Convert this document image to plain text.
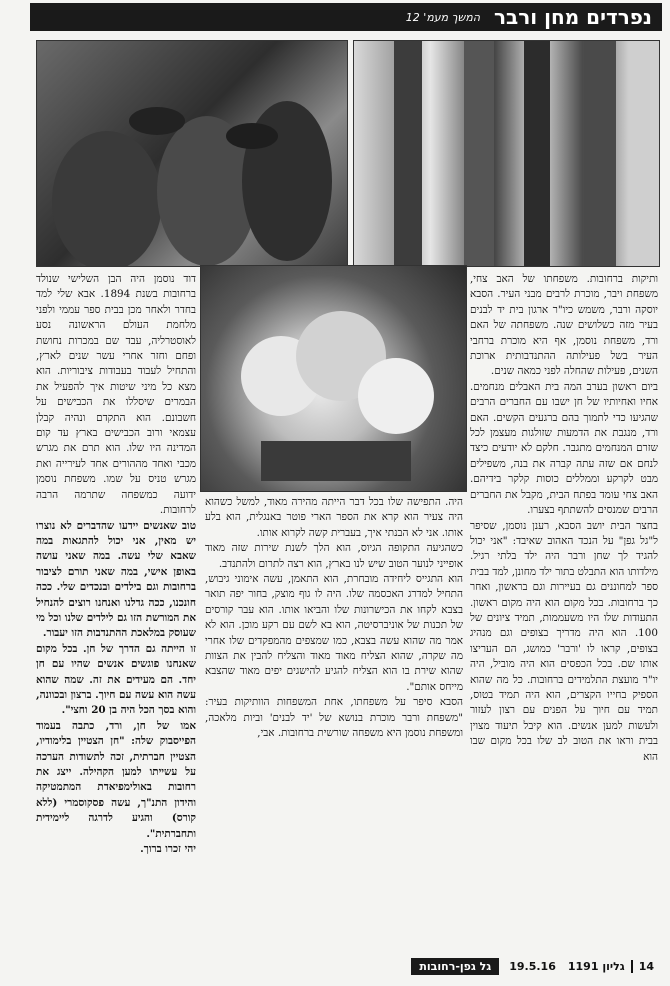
נפרדים מחן ורבר
המשך מעמ' 12

ותיקות ברחובות. משפחתו של האב צחי, משפחת ויבר, מוכרת לרבים מבני העיר. הסבא יוסקה ורבר, משמש כיו"ר ארגון בית יד לבנים בעיר מזה כשלושים שנה. משפחתה של האם ורד, משפחת נוסמן, אף היא מוכרת ברחבי העיר בשל פעילותה ההתנדבותית ארוכת השנים, פעילות שהחלה לפני כמאה שנים.

ביום ראשון בערב המה בית האבלים מנחמים. אחיו ואחיותיו של חן ישבו עם החברים הרבים שהגיעו כדי לתמוך בהם ברגעים הקשים. האם ורד, מנגבת את הדמעות שזולגות מעצמן לכל שזרם המנחמים מתגבר. חלקם לא יודעים כיצד לנחם אם שזה עתה קברה את בנה, משפילים מבט לקרקע וממללים כוסות קלקר בידיהם. האב צחי עומד בפתח הבית, מקבל את החברים הרבים שמנסים להשתתף בצערו.

בחצר הבית יושב הסבא, רענן נוסמן, שסיפר ל"גל גפן" על הנכד האהוב שאיבד: "אני יכול להגיד לך שחן ורבר היה ילד בלתי רגיל. מילדותו הוא התבלט בתור ילד מחונן, למד בבית ספר למחוננים גם בעיירות וגם בראשון, ואחר כך ברחובות. בכל מקום הוא היה מקום ראשון. התעודות שלו היו משעממות, תמיד ציונים של 100. הוא היה מדריך בצופים וגם מנהיג בצופים, קראו לו 'ורבר' כמושג, הם העריצו אותו שם. בכל הכפסים הוא היה מוביל, היה יו"ר מועצת התלמידים ברחובות. כל מה שהוא הספיק בחייו הקצרים, הוא היה תמיד בטוס, תמיד עם חיוך על הפנים עם רצון לעזור ולעשות למען אנשים. הוא קיבל תיעוד מצוין בבית וראו את הטוב לב שלו בכל מקום שבו הוא

היה. התפישה שלו בכל דבר הייתה מהירה מאוד, למשל כשהוא היה צעיר הוא קרא את הספר הארי פוטר באנגלית, הוא בלע אותו. אני לא הבנתי איך, בעברית קשה לקרוא אותו.

כשהגיעה התקופה הגיוס, הוא הלך לשנת שירות שזה מאוד אופייני לנוער הטוב שיש לנו בארץ, הוא רצה לתרום ולהתנדב.

הוא התגייס ליחידה מובחרת, הוא התאמן, עשה אימוני גיבוש, התחיל למדרג האכסמה שלו. היה לו גוף מוצק, בחור יפה תואר בצבא לקחו את הכישרונות שלו והביאו אותו. הוא עבר קורסים של תכנות של אוניברסיטה, הוא בא לשם עם רקע מוכן. הוא לא אמר מה שהוא עשה בצבא, כמו שמצפים מהמפקדים שלו אחרי מה שקרה, שהוא הצליח מאוד מאוד והצליח להבין את הצוות שהוא שירת בו הוא הצליח להגיע להישגים יפים מאוד שהצבא מייחס אותם".

הסבא סיפר על משפחתו, אחת המשפחות הוותיקות בעיר: "משפחת ורבר מוכרת בנושא של 'יד לבנים' וביות מלאכה, ומשפחת נוסמן היא משפחה שורשית ברחובות. אבי,

דוד נוסמן היה הבן השלישי שנולד ברחובות בשנת 1894. אבא שלי למד בחדר ולאחר מכן בבית ספר עממי ולפני מלחמת העולם הראשונה נסע לאוסטרליה, עבד שם במכרות נחושת ופחם וחזר אחרי עשר שנים לארץ, והתחיל לעבוד בעבודות ציבוריות. הוא מצא כל מיני שיטות איך להפעיל את הבמרים שיסללו את הכבישים על חשבונם. הוא התקדם ונהיה קבלן עצמאי ורוב הכבישים בארץ עד קום המדינה היו שלו. הוא תרם את מגרש מכבי ואחד מההורים אחד לעירייה ואת מגרש טניס על שמו. משפחת נוסמן ידועה כמשפחה שתרמה הרבה לרחובות.

טוב שאנשים יידעו שהדברים לא נוצרו יש מאין, אני יכול להתגאות במה שאבא שלי עשה. במה שאני עושה באופן אישי, במה שאני תורם לציבור ברחובות וגם בילדים ובנכדים שלי. ככה חונכנו, ככה גדלנו ואנחנו רוצים להנחיל את המורשת הזו גם לילדים שלנו וכל מי שעוסק במלאכת ההתנדבות הזו יעבור.

זו הייתה גם הדרך של חן. בכל מקום שאנחנו פוגשים אנשים שהיו עם חן יחד. הם מעידים את זה. שמה שהוא עשה הוא עשה עם חיוך. ברצון ובכוונה, והוא בסך הכל היה בן 20 וחצי".

אמו של חן, ורד, כתבה בעמוד הפייסבוק שלה: "חן הצטיין בלימודיו, הצטיין חברתית, זכה לתשודות הערכה על עשייתו למען הקהילה. ייצג את רחובות באולימפיאדת המתמטיקה והידון התנ"ך, עשה פסקוסמרי (ללא קורס) והגיע לדרגה ליימידית ותחברתית".

יהי זכרו ברוך.

14
גליון 1191
19.5.16
גל גפן-רחובות
